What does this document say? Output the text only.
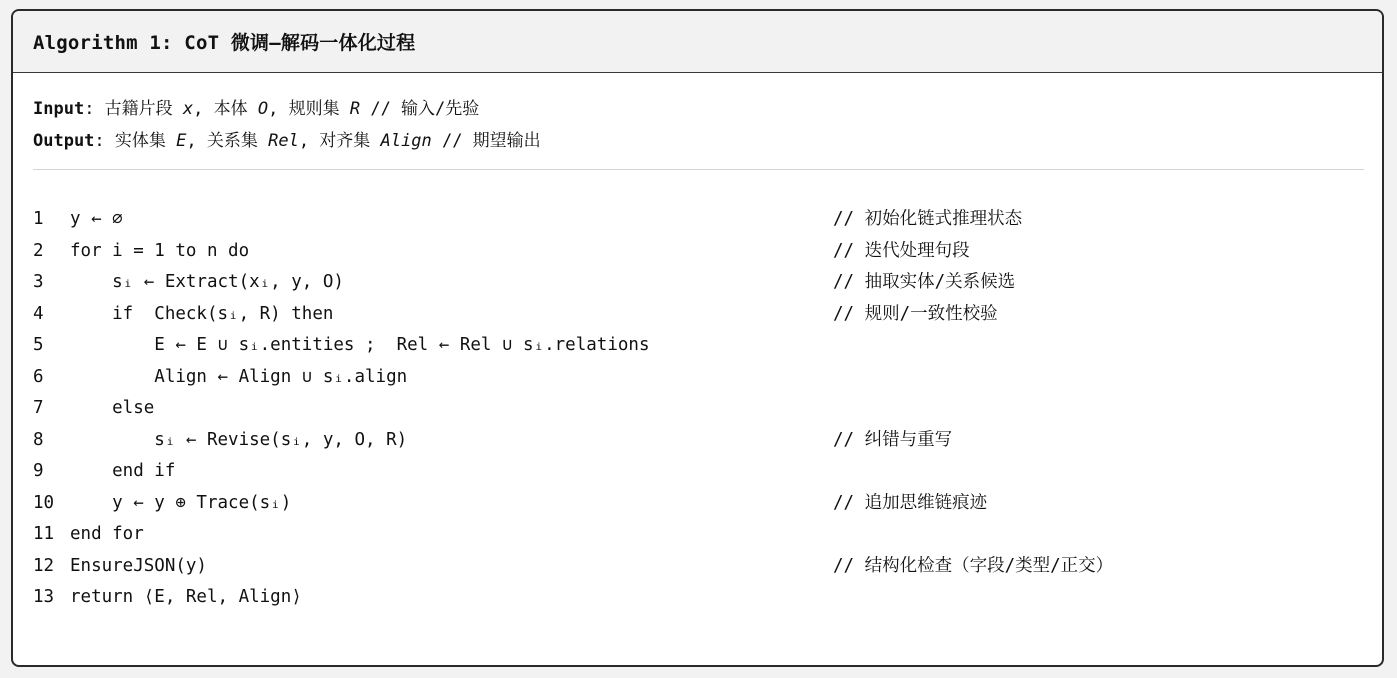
Algorithm 1: CoT 微调–解码一体化过程
Input: 古籍片段 x, 本体 O, 规则集 R // 输入/先验
Output: 实体集 E, 关系集 Rel, 对齐集 Align // 期望输出
1	y ← ∅	// 初始化链式推理状态
2	for i = 1 to n do	// 迭代处理句段
3	sᵢ ← Extract(xᵢ, y, O)	// 抽取实体/关系候选
4	if  Check(sᵢ, R) then	// 规则/一致性校验
5	E ← E ∪ sᵢ.entities ;  Rel ← Rel ∪ sᵢ.relations
6	Align ← Align ∪ sᵢ.align
7	else
8	sᵢ ← Revise(sᵢ, y, O, R)	// 纠错与重写
9	end if
10 y ← y ⊕ Trace(sᵢ)	// 追加思维链痕迹
11 end for
12 EnsureJSON(y)	// 结构化检查（字段/类型/正交）
13 return ⟨E, Rel, Align⟩
